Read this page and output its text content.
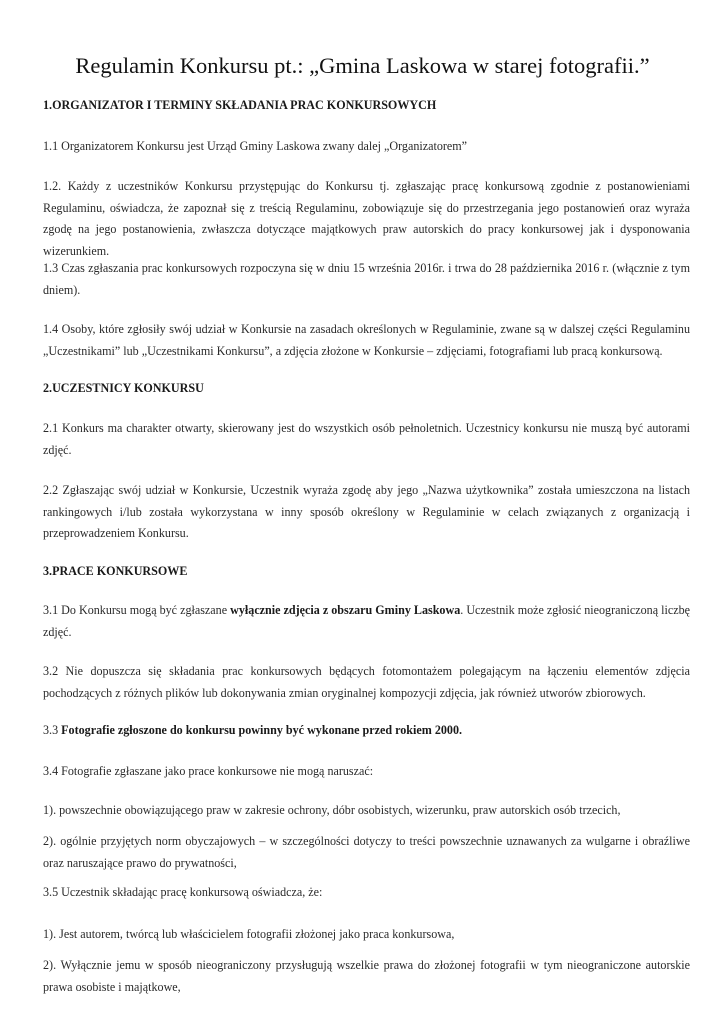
Regulamin Konkursu pt.: „Gmina Laskowa w starej fotografii.”
1.ORGANIZATOR I TERMINY SKŁADANIA PRAC KONKURSOWYCH
1.1 Organizatorem Konkursu jest Urząd Gminy Laskowa zwany dalej „Organizatorem”
1.2. Każdy z uczestników Konkursu przystępując do Konkursu tj. zgłaszając pracę konkursową zgodnie z postanowieniami Regulaminu, oświadcza, że zapoznał się z treścią Regulaminu, zobowiązuje się do przestrzegania jego postanowień oraz wyraża zgodę na jego postanowienia, zwłaszcza dotyczące majątkowych praw autorskich do pracy konkursowej jak i dysponowania wizerunkiem.
1.3 Czas zgłaszania prac konkursowych rozpoczyna się w dniu 15 września 2016r. i trwa do 28 października 2016 r. (włącznie z tym dniem).
1.4 Osoby, które zgłosiły swój udział w Konkursie na zasadach określonych w Regulaminie, zwane są w dalszej części Regulaminu „Uczestnikami” lub „Uczestnikami Konkursu”, a zdjęcia złożone w Konkursie – zdjęciami, fotografiami lub pracą konkursową.
2.UCZESTNICY KONKURSU
2.1 Konkurs ma charakter otwarty, skierowany jest do wszystkich osób pełnoletnich. Uczestnicy konkursu nie muszą być autorami zdjęć.
2.2 Zgłaszając swój udział w Konkursie, Uczestnik wyraża zgodę aby jego „Nazwa użytkownika” została umieszczona na listach rankingowych i/lub została wykorzystana w inny sposób określony w Regulaminie w celach związanych z organizacją i przeprowadzeniem Konkursu.
3.PRACE KONKURSOWE
3.1 Do Konkursu mogą być zgłaszane wyłącznie zdjęcia z obszaru Gminy Laskowa. Uczestnik może zgłosić nieograniczoną liczbę zdjęć.
3.2 Nie dopuszcza się składania prac konkursowych będących fotomontażem polegającym na łączeniu elementów zdjęcia pochodzących z różnych plików lub dokonywania zmian oryginalnej kompozycji zdjęcia, jak również utworów zbiorowych.
3.3 Fotografie zgłoszone do konkursu powinny być wykonane przed rokiem 2000.
3.4 Fotografie zgłaszane jako prace konkursowe nie mogą naruszać:
1). powszechnie obowiązującego praw w zakresie ochrony, dóbr osobistych, wizerunku, praw autorskich osób trzecich,
2). ogólnie przyjętych norm obyczajowych – w szczególności dotyczy to treści powszechnie uznawanych za wulgarne i obraźliwe oraz naruszające prawo do prywatności,
3.5 Uczestnik składając pracę konkursową oświadcza, że:
1). Jest autorem, twórcą lub właścicielem fotografii złożonej jako praca konkursowa,
2). Wyłącznie jemu w sposób nieograniczony przysługują wszelkie prawa do złożonej fotografii w tym nieograniczone autorskie prawa osobiste i majątkowe,
